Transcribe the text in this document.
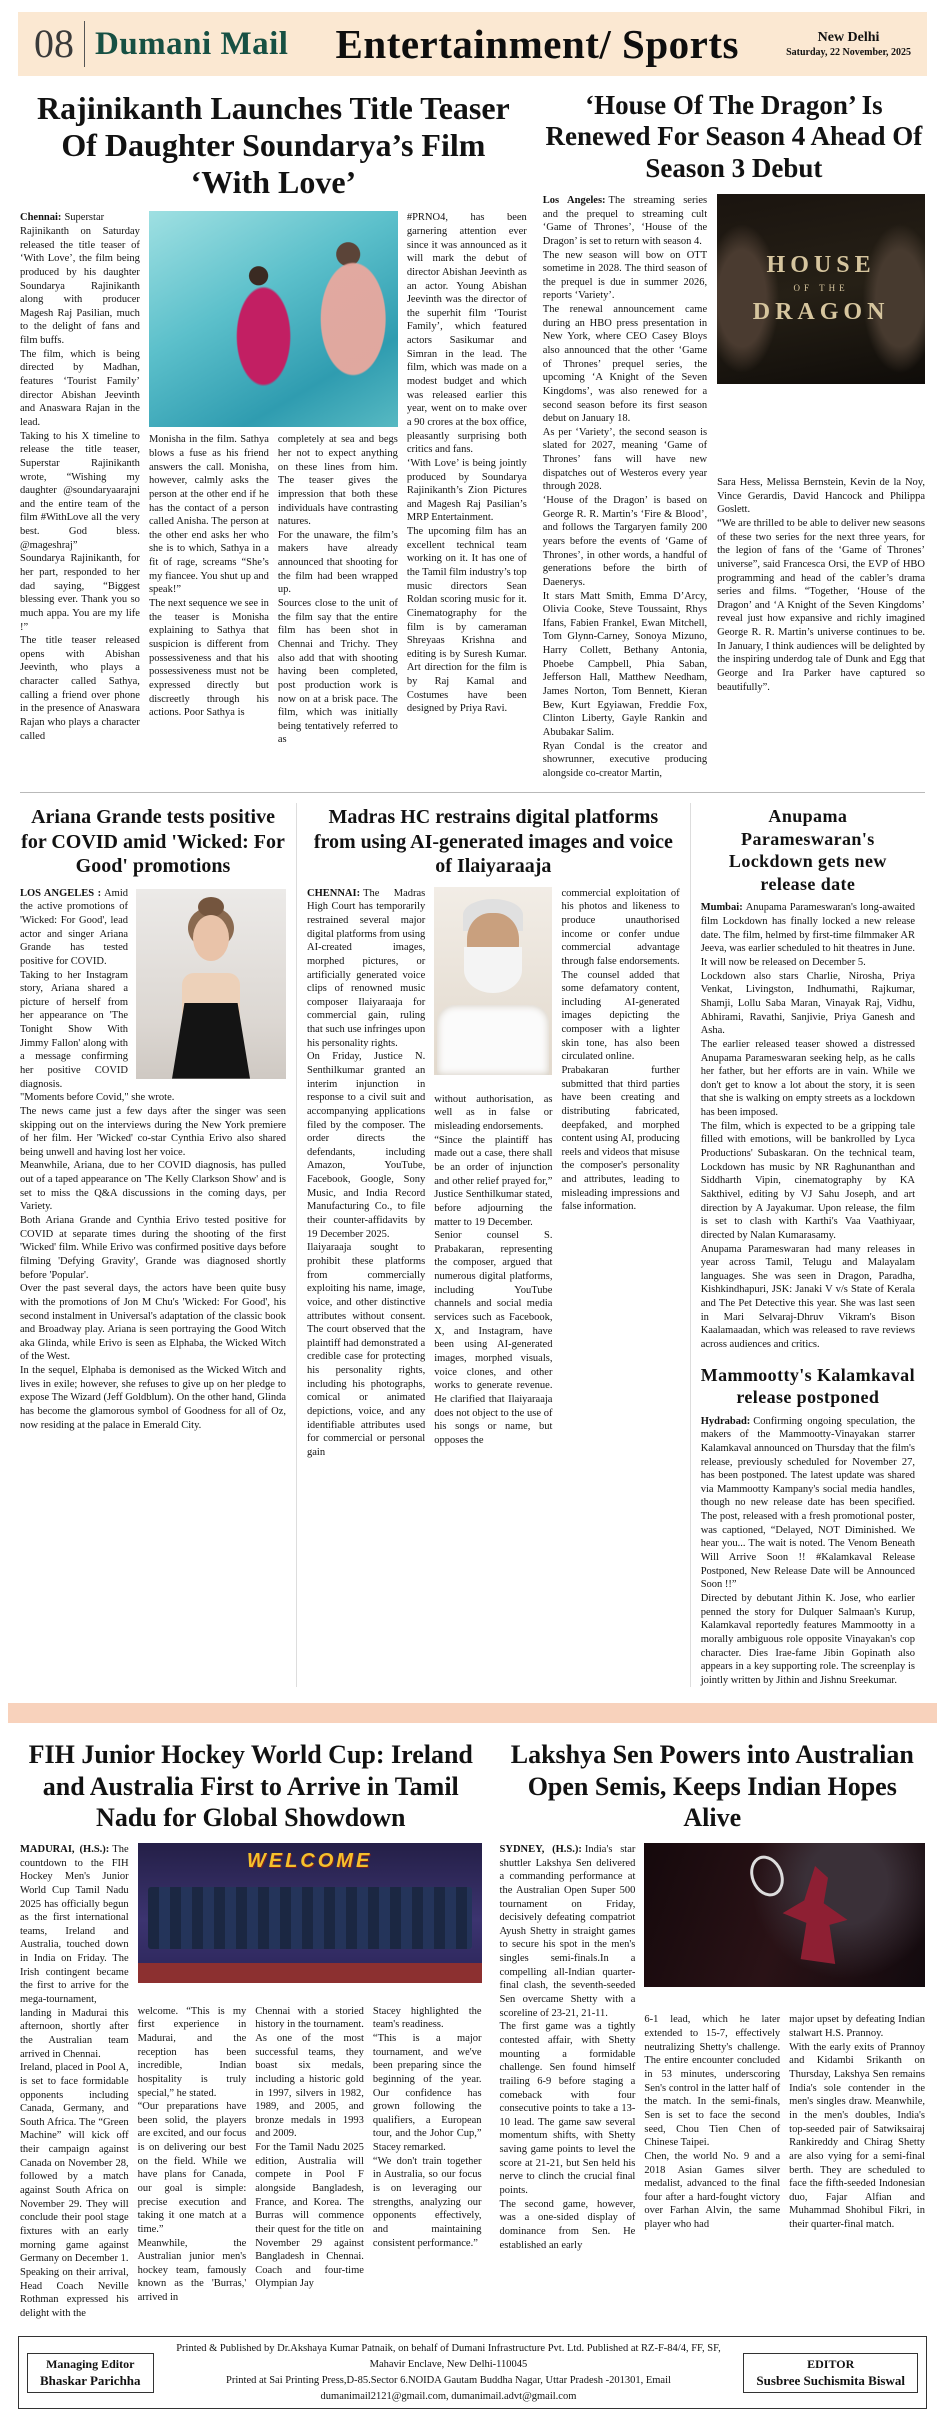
08 Dumani Mail	Entertainment/ Sports	New Delhi
Saturday, 22 November, 2025
Rajinikanth Launches Title Teaser Of Daughter Soundarya’s Film ‘With Love’

Chennai: Superstar Rajinikanth on Saturday released the title teaser of ‘With Love’, the film being produced by his daughter Soundarya Rajinikanth along with producer Magesh Raj Pasilian, much to the delight of fans and film buffs.

The film, which is being directed by Madhan, features ‘Tourist Family’ director Abishan Jeevinth and Anaswara Rajan in the lead.

Taking to his X timeline to release the title teaser, Superstar Rajinikanth wrote, “Wishing my daughter @soundaryaarajni and the entire team of the film #WithLove all the very best. God bless. @mageshraj”

Soundarya Rajinikanth, for her part, responded to her dad saying, “Biggest blessing ever. Thank you so much appa. You are my life !”

The title teaser released opens with Abishan Jeevinth, who plays a character called Sathya, calling a friend over phone in the presence of Anaswara Rajan who plays a character called

Monisha in the film. Sathya blows a fuse as his friend answers the call. Monisha, however, calmly asks the person at the other end if he has the contact of a person called Anisha. The person at the other end asks her who she is to which, Sathya in a fit of rage, screams “She’s my fiancee. You shut up and speak!”

The next sequence we see in the teaser is Monisha explaining to Sathya that suspicion is different from possessiveness and that his possessiveness must not be expressed directly but discreetly through his actions. Poor Sathya is

completely at sea and begs her not to expect anything on these lines from him. The teaser gives the impression that both these individuals have contrasting natures.

For the unaware, the film’s makers have already announced that shooting for the film had been wrapped up.

Sources close to the unit of the film say that the entire film has been shot in Chennai and Trichy. They also add that with shooting having been completed, post production work is now on at a brisk pace. The film, which was initially being tentatively referred to as

#PRNO4, has been garnering attention ever since it was announced as it will mark the debut of director Abishan Jeevinth as an actor. Young Abishan Jeevinth was the director of the superhit film ‘Tourist Family’, which featured actors Sasikumar and Simran in the lead. The film, which was made on a modest budget and which was released earlier this year, went on to make over a 90 crores at the box office, pleasantly surprising both critics and fans.

‘With Love’ is being jointly produced by Soundarya Rajinikanth’s Zion Pictures and Magesh Raj Pasilian’s MRP Entertainment.

The upcoming film has an excellent technical team working on it. It has one of the Tamil film industry’s top music directors Sean Roldan scoring music for it. Cinematography for the film is by cameraman Shreyaas Krishna and editing is by Suresh Kumar. Art direction for the film is by Raj Kamal and Costumes have been designed by Priya Ravi.

‘House Of The Dragon’ Is Renewed For Season 4 Ahead Of Season 3 Debut

Los Angeles: The streaming series and the prequel to streaming cult ‘Game of Thrones’, ‘House of the Dragon’ is set to return with season 4.

The new season will bow on OTT sometime in 2028. The third season of the prequel is due in summer 2026, reports ‘Variety’.

The renewal announcement came during an HBO press presentation in New York, where CEO Casey Bloys also announced that the other ‘Game of Thrones’ prequel series, the upcoming ‘A Knight of the Seven Kingdoms’, was also renewed for a second season before its first season debut on January 18.

As per ‘Variety’, the second season is slated for 2027, meaning ‘Game of Thrones’ fans will have new dispatches out of Westeros every year through 2028.

‘House of the Dragon’ is based on George R. R. Martin’s ‘Fire & Blood’, and follows the Targaryen family 200 years before the events of ‘Game of Thrones’, in other words, a handful of generations before the birth of Daenerys.

It stars Matt Smith, Emma D’Arcy, Olivia Cooke, Steve Toussaint, Rhys Ifans, Fabien Frankel, Ewan Mitchell, Tom Glynn-Carney, Sonoya Mizuno, Harry Collett, Bethany Antonia, Phoebe Campbell, Phia Saban, Jefferson Hall, Matthew Needham, James Norton, Tom Bennett, Kieran Bew, Kurt Egyiawan, Freddie Fox, Clinton Liberty, Gayle Rankin and Abubakar Salim.

Ryan Condal is the creator and showrunner, executive producing alongside co-creator Martin,

HOUSE
OF THE
DRAGON

Sara Hess, Melissa Bernstein, Kevin de la Noy, Vince Gerardis, David Hancock and Philippa Goslett.

“We are thrilled to be able to deliver new seasons of these two series for the next three years, for the legion of fans of the ‘Game of Thrones’ universe”, said Francesca Orsi, the EVP of HBO programming and head of the cabler’s drama series and films. “Together, ‘House of the Dragon’ and ‘A Knight of the Seven Kingdoms’ reveal just how expansive and richly imagined George R. R. Martin’s universe continues to be. In January, I think audiences will be delighted by the inspiring underdog tale of Dunk and Egg that George and Ira Parker have captured so beautifully”.

Ariana Grande tests positive for COVID amid 'Wicked: For Good' promotions

LOS ANGELES : Amid the active promotions of 'Wicked: For Good', lead actor and singer Ariana Grande has tested positive for COVID.

Taking to her Instagram story, Ariana shared a picture of herself from her appearance on 'The Tonight Show With Jimmy Fallon' along with a message confirming her positive COVID diagnosis.

"Moments before Covid," she wrote.

The news came just a few days after the singer was seen skipping out on the interviews during the New York premiere of her film. Her 'Wicked' co-star Cynthia Erivo also shared being unwell and having lost her voice.

Meanwhile, Ariana, due to her COVID diagnosis, has pulled out of a taped appearance on 'The Kelly Clarkson Show' and is set to miss the Q&A discussions in the coming days, per Variety.

Both Ariana Grande and Cynthia Erivo tested positive for COVID at separate times during the shooting of the first 'Wicked' film. While Erivo was confirmed positive days before filming 'Defying Gravity', Grande was diagnosed shortly before 'Popular'.

Over the past several days, the actors have been quite busy with the promotions of Jon M Chu's 'Wicked: For Good', his second instalment in Universal's adaptation of the classic book and Broadway play. Ariana is seen portraying the Good Witch aka Glinda, while Erivo is seen as Elphaba, the Wicked Witch of the West.

In the sequel, Elphaba is demonised as the Wicked Witch and lives in exile; however, she refuses to give up on her pledge to expose The Wizard (Jeff Goldblum). On the other hand, Glinda has become the glamorous symbol of Goodness for all of Oz, now residing at the palace in Emerald City.

Madras HC restrains digital platforms from using AI-generated images and voice of Ilaiyaraaja

CHENNAI: The Madras High Court has temporarily restrained several major digital platforms from using AI-created images, morphed pictures, or artificially generated voice clips of renowned music composer Ilaiyaraaja for commercial gain, ruling that such use infringes upon his personality rights.

On Friday, Justice N. Senthilkumar granted an interim injunction in response to a civil suit and accompanying applications filed by the composer. The order directs the defendants, including Amazon, YouTube, Facebook, Google, Sony Music, and India Record Manufacturing Co., to file their counter-affidavits by 19 December 2025.

Ilaiyaraaja sought to prohibit these platforms from commercially exploiting his name, image, voice, and other distinctive attributes without consent. The court observed that the plaintiff had demonstrated a credible case for protecting his personality rights, including his photographs, comical or animated depictions, voice, and any identifiable attributes used for commercial or personal gain

without authorisation, as well as in false or misleading endorsements.

“Since the plaintiff has made out a case, there shall be an order of injunction and other relief prayed for,” Justice Senthilkumar stated, before adjourning the matter to 19 December.

Senior counsel S. Prabakaran, representing the composer, argued that numerous digital platforms, including YouTube channels and social media services such as Facebook, X, and Instagram, have been using AI-generated images, morphed visuals, voice clones, and other works to generate revenue. He clarified that Ilaiyaraaja does not object to the use of his songs or name, but opposes the

commercial exploitation of his photos and likeness to produce unauthorised income or confer undue commercial advantage through false endorsements. The counsel added that some defamatory content, including AI-generated images depicting the composer with a lighter skin tone, has also been circulated online.

Prabakaran further submitted that third parties have been creating and distributing fabricated, deepfaked, and morphed content using AI, producing reels and videos that misuse the composer's personality and attributes, leading to misleading impressions and false information.

Anupama Parameswaran's Lockdown gets new release date

Mumbai: Anupama Parameswaran's long-awaited film Lockdown has finally locked a new release date. The film, helmed by first-time filmmaker AR Jeeva, was earlier scheduled to hit theatres in June. It will now be released on December 5.

Lockdown also stars Charlie, Nirosha, Priya Venkat, Livingston, Indhumathi, Rajkumar, Shamji, Lollu Saba Maran, Vinayak Raj, Vidhu, Abhirami, Ravathi, Sanjivie, Priya Ganesh and Asha.

The earlier released teaser showed a distressed Anupama Parameswaran seeking help, as he calls her father, but her efforts are in vain. While we don't get to know a lot about the story, it is seen that she is walking on empty streets as a lockdown has been imposed.

The film, which is expected to be a gripping tale filled with emotions, will be bankrolled by Lyca Productions' Subaskaran. On the technical team, Lockdown has music by NR Raghunanthan and Siddharth Vipin, cinematography by KA Sakthivel, editing by VJ Sahu Joseph, and art direction by A Jayakumar. Upon release, the film is set to clash with Karthi's Vaa Vaathiyaar, directed by Nalan Kumarasamy.

Anupama Parameswaran had many releases in year across Tamil, Telugu and Malayalam languages. She was seen in Dragon, Paradha, Kishkindhapuri, JSK: Janaki V v/s State of Kerala and The Pet Detective this year. She was last seen in Mari Selvaraj-Dhruv Vikram's Bison Kaalamaadan, which was released to rave reviews across audiences and critics.

Mammootty's Kalamkaval release postponed

Hydrabad: Confirming ongoing speculation, the makers of the Mammootty-Vinayakan starrer Kalamkaval announced on Thursday that the film's release, previously scheduled for November 27, has been postponed. The latest update was shared via Mammootty Kampany's social media handles, though no new release date has been specified. The post, released with a fresh promotional poster, was captioned, “Delayed, NOT Diminished. We hear you... The wait is noted. The Venom Beneath Will Arrive Soon !! #Kalamkaval Release Postponed, New Release Date will be Announced Soon !!”

Directed by debutant Jithin K. Jose, who earlier penned the story for Dulquer Salmaan's Kurup, Kalamkaval reportedly features Mammootty in a morally ambiguous role opposite Vinayakan's cop character. Dies Irae-fame Jibin Gopinath also appears in a key supporting role. The screenplay is jointly written by Jithin and Jishnu Sreekumar.

FIH Junior Hockey World Cup: Ireland and Australia First to Arrive in Tamil Nadu for Global Showdown

MADURAI, (H.S.): The countdown to the FIH Hockey Men's Junior World Cup Tamil Nadu 2025 has officially begun as the first international teams, Ireland and Australia, touched down in India on Friday. The Irish contingent became the first to arrive for the mega-tournament, landing in Madurai this afternoon, shortly after the Australian team arrived in Chennai.

Ireland, placed in Pool A, is set to face formidable opponents including Canada, Germany, and South Africa. The “Green Machine” will kick off their campaign against Canada on November 28, followed by a match against South Africa on November 29. They will conclude their pool stage fixtures with an early morning game against Germany on December 1.

Speaking on their arrival, Head Coach Neville Rothman expressed his delight with the

WELCOME

welcome. “This is my first experience in Madurai, and the reception has been incredible, Indian hospitality is truly special,” he stated.

“Our preparations have been solid, the players are excited, and our focus is on delivering our best on the field. While we have plans for Canada, our goal is simple: precise execution and taking it one match at a time.”

Meanwhile, the Australian junior men's hockey team, famously known as the 'Burras,' arrived in

Chennai with a storied history in the tournament. As one of the most successful teams, they boast six medals, including a historic gold in 1997, silvers in 1982, 1989, and 2005, and bronze medals in 1993 and 2009.

For the Tamil Nadu 2025 edition, Australia will compete in Pool F alongside Bangladesh, France, and Korea. The Burras will commence their quest for the title on November 29 against Bangladesh in Chennai. Coach and four-time Olympian Jay

Stacey highlighted the team's readiness.

“This is a major tournament, and we've been preparing since the beginning of the year. Our confidence has grown following the qualifiers, a European tour, and the Johor Cup,” Stacey remarked.

“We don't train together in Australia, so our focus is on leveraging our strengths, analyzing our opponents effectively, and maintaining consistent performance.”

Lakshya Sen Powers into Australian Open Semis, Keeps Indian Hopes Alive

SYDNEY, (H.S.): India's star shuttler Lakshya Sen delivered a commanding performance at the Australian Open Super 500 tournament on Friday, decisively defeating compatriot Ayush Shetty in straight games to secure his spot in the men's singles semi-finals.In a compelling all-Indian quarter-final clash, the seventh-seeded Sen overcame Shetty with a scoreline of 23-21, 21-11.

The first game was a tightly contested affair, with Shetty mounting a formidable challenge. Sen found himself trailing 6-9 before staging a comeback with four consecutive points to take a 13-10 lead. The game saw several momentum shifts, with Shetty saving game points to level the score at 21-21, but Sen held his nerve to clinch the crucial final points.

The second game, however, was a one-sided display of dominance from Sen. He established an early

6-1 lead, which he later extended to 15-7, effectively neutralizing Shetty's challenge. The entire encounter concluded in 53 minutes, underscoring Sen's control in the latter half of the match. In the semi-finals, Sen is set to face the second seed, Chou Tien Chen of Chinese Taipei.

Chen, the world No. 9 and a 2018 Asian Games silver medalist, advanced to the final four after a hard-fought victory over Farhan Alvin, the same player who had

major upset by defeating Indian stalwart H.S. Prannoy.

With the early exits of Prannoy and Kidambi Srikanth on Thursday, Lakshya Sen remains India's sole contender in the men's singles draw. Meanwhile, in the men's doubles, India's top-seeded pair of Satwiksairaj Rankireddy and Chirag Shetty are also vying for a semi-final berth. They are scheduled to face the fifth-seeded Indonesian duo, Fajar Alfian and Muhammad Shohibul Fikri, in their quarter-final match.

Managing Editor
Bhaskar Parichha
Printed & Published by Dr.Akshaya Kumar Patnaik, on behalf of Dumani Infrastructure Pvt. Ltd. Published at RZ-F-84/4, FF, SF, Mahavir Enclave, New Delhi-110045
Printed at Sai Printing Press,D-85.Sector 6.NOIDA Gautam Buddha Nagar, Uttar Pradesh -201301, Email dumanimail2121@gmail.com, dumanimail.advt@gmail.com
EDITOR
Susbree Suchismita Biswal
